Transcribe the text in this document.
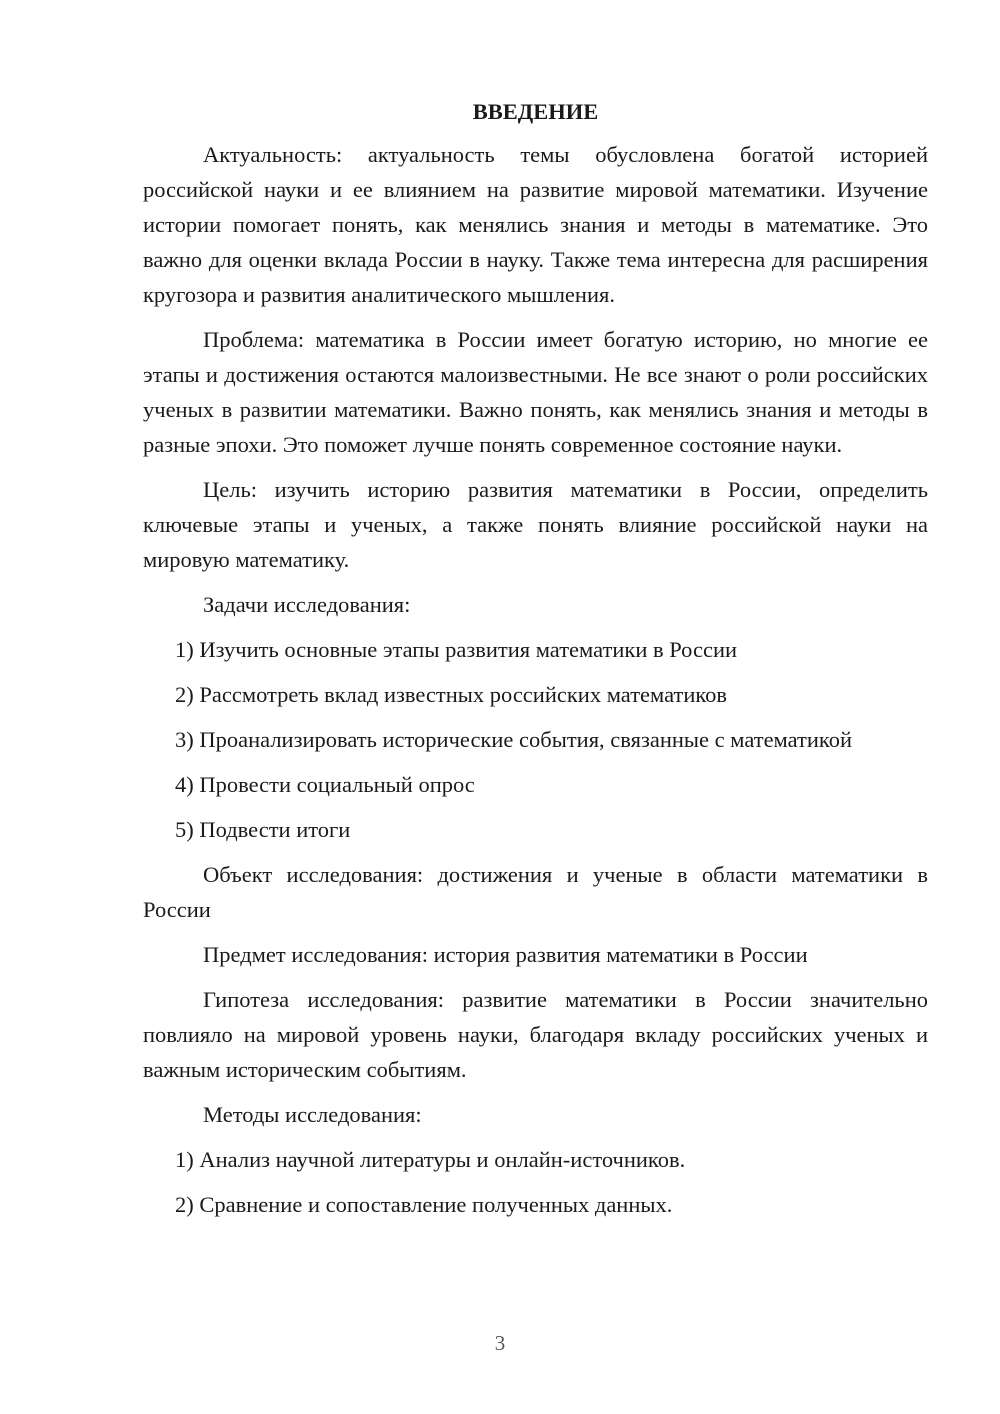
ВВЕДЕНИЕ

Актуальность: актуальность темы обусловлена богатой историей российской науки и ее влиянием на развитие мировой математики. Изучение истории помогает понять, как менялись знания и методы в математике. Это важно для оценки вклада России в науку. Также тема интересна для расширения кругозора и развития аналитического мышления.

Проблема: математика в России имеет богатую историю, но многие ее этапы и достижения остаются малоизвестными. Не все знают о роли российских ученых в развитии математики. Важно понять, как менялись знания и методы в разные эпохи. Это поможет лучше понять современное состояние науки.

Цель: изучить историю развития математики в России, определить ключевые этапы и ученых, а также понять влияние российской науки на мировую математику.

Задачи исследования:

1) Изучить основные этапы развития математики в России
2) Рассмотреть вклад известных российских математиков
3) Проанализировать исторические события, связанные с математикой
4) Провести социальный опрос
5) Подвести итоги

Объект исследования: достижения и ученые в области математики в России

Предмет исследования: история развития математики в России

Гипотеза исследования: развитие математики в России значительно повлияло на мировой уровень науки, благодаря вкладу российских ученых и важным историческим событиям.

Методы исследования:

1) Анализ научной литературы и онлайн-источников.
2) Сравнение и сопоставление полученных данных.
3
